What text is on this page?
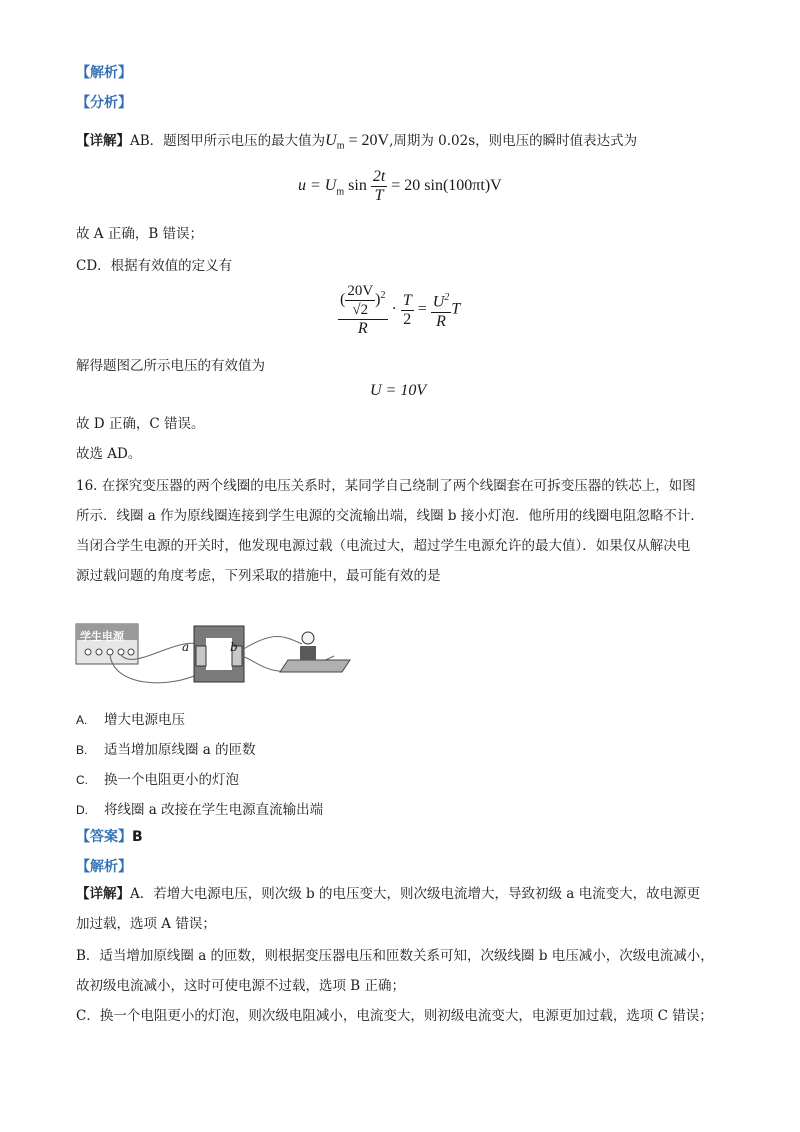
【解析】
【分析】
【详解】AB．题图甲所示电压的最大值为$U_m = 20V$,周期为 0.02s，则电压的瞬时值表达式为
$u = U_m$ $\sin \frac{2t}{T} = 20$ sin(100πt)V
故 A 正确，B 错误；
CD．根据有效值的定义有
$\frac{( \frac{20V}{√2} )^2}{R} \cdot \frac{T}{2} = \frac{U^2}{R}$ T
解得题图乙所示电压的有效值为
U = 10V
故 D 正确，C 错误。
故选 AD。
16. 在探究变压器的两个线圈的电压关系时，某同学自己绕制了两个线圈套在可拆变压器的铁芯上，如图
所示．线圈 a 作为原线圈连接到学生电源的交流输出端，线圈 b 接小灯泡．他所用的线圈电阻忽略不计．
当闭合学生电源的开关时，他发现电源过载（电流过大，超过学生电源允许的最大值）．如果仅从解决电
源过载问题的角度考虑，下列采取的措施中，最可能有效的是
学生电源
a	b
A. 增大电源电压
B. 适当增加原线圈 a 的匝数
C. 换一个电阻更小的灯泡
D. 将线圈 a 改接在学生电源直流输出端
【答案】B
【解析】
【详解】A．若增大电源电压，则次级 b 的电压变大，则次级电流增大，导致初级 a 电流变大，故电源更
加过载，选项 A 错误；
B．适当增加原线圈 a 的匝数，则根据变压器电压和匝数关系可知，次级线圈 b 电压减小，次级电流减小，
故初级电流减小，这时可使电源不过载，选项 B 正确；
C．换一个电阻更小的灯泡，则次级电阻减小，电流变大，则初级电流变大，电源更加过载，选项 C 错误；
